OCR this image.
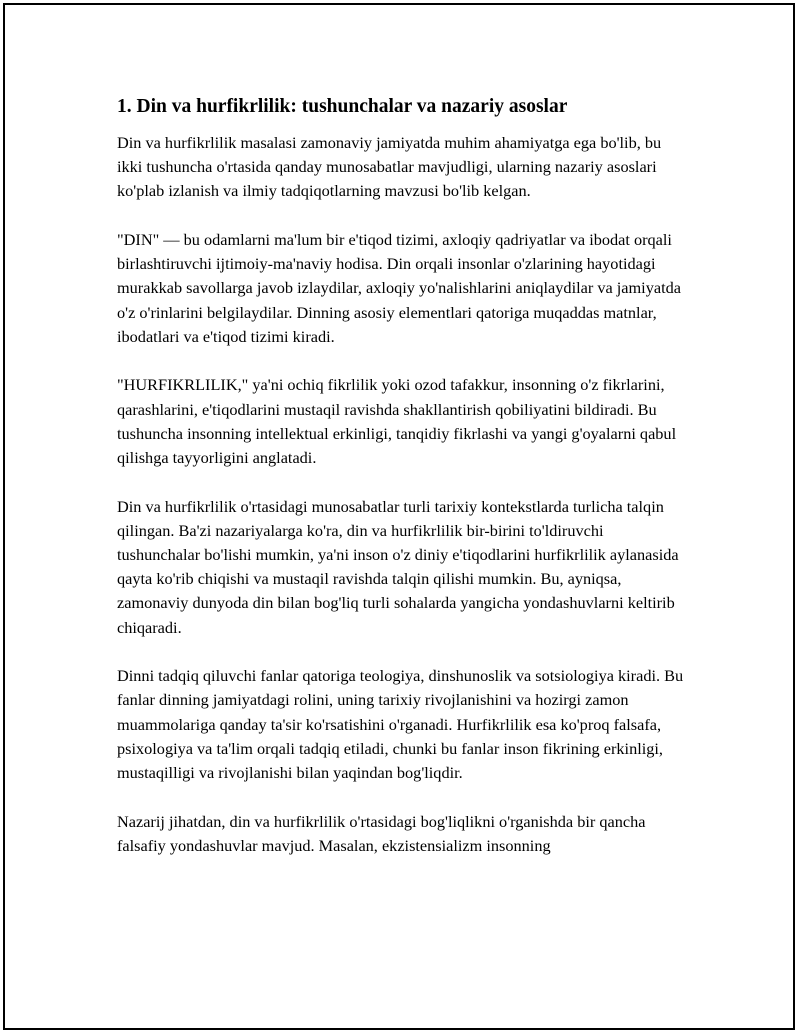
1. Din va hurfikrlilik: tushunchalar va nazariy asoslar

Din va hurfikrlilik masalasi zamonaviy jamiyatda muhim ahamiyatga ega bo'lib, bu ikki tushuncha o'rtasida qanday munosabatlar mavjudligi, ularning nazariy asoslari ko'plab izlanish va ilmiy tadqiqotlarning mavzusi bo'lib kelgan.

"DIN" — bu odamlarni ma'lum bir e'tiqod tizimi, axloqiy qadriyatlar va ibodat orqali birlashtiruvchi ijtimoiy-ma'naviy hodisa. Din orqali insonlar o'zlarining hayotidagi murakkab savollarga javob izlaydilar, axloqiy yo'nalishlarini aniqlaydilar va jamiyatda o'z o'rinlarini belgilaydilar. Dinning asosiy elementlari qatoriga muqaddas matnlar, ibodatlari va e'tiqod tizimi kiradi.

"HURFIKRLILIK," ya'ni ochiq fikrlilik yoki ozod tafakkur, insonning o'z fikrlarini, qarashlarini, e'tiqodlarini mustaqil ravishda shakllantirish qobiliyatini bildiradi. Bu tushuncha insonning intellektual erkinligi, tanqidiy fikrlashi va yangi g'oyalarni qabul qilishga tayyorligini anglatadi.

Din va hurfikrlilik o'rtasidagi munosabatlar turli tarixiy kontekstlarda turlicha talqin qilingan. Ba'zi nazariyalarga ko'ra, din va hurfikrlilik bir-birini to'ldiruvchi tushunchalar bo'lishi mumkin, ya'ni inson o'z diniy e'tiqodlarini hurfikrlilik aylanasida qayta ko'rib chiqishi va mustaqil ravishda talqin qilishi mumkin. Bu, ayniqsa, zamonaviy dunyoda din bilan bog'liq turli sohalarda yangicha yondashuvlarni keltirib chiqaradi.

Dinni tadqiq qiluvchi fanlar qatoriga teologiya, dinshunoslik va sotsiologiya kiradi. Bu fanlar dinning jamiyatdagi rolini, uning tarixiy rivojlanishini va hozirgi zamon muammolariga qanday ta'sir ko'rsatishini o'rganadi. Hurfikrlilik esa ko'proq falsafa, psixologiya va ta'lim orqali tadqiq etiladi, chunki bu fanlar inson fikrining erkinligi, mustaqilligi va rivojlanishi bilan yaqindan bog'liqdir.

Nazarij jihatdan, din va hurfikrlilik o'rtasidagi bog'liqlikni o'rganishda bir qancha falsafiy yondashuvlar mavjud. Masalan, ekzistensializm insonning
